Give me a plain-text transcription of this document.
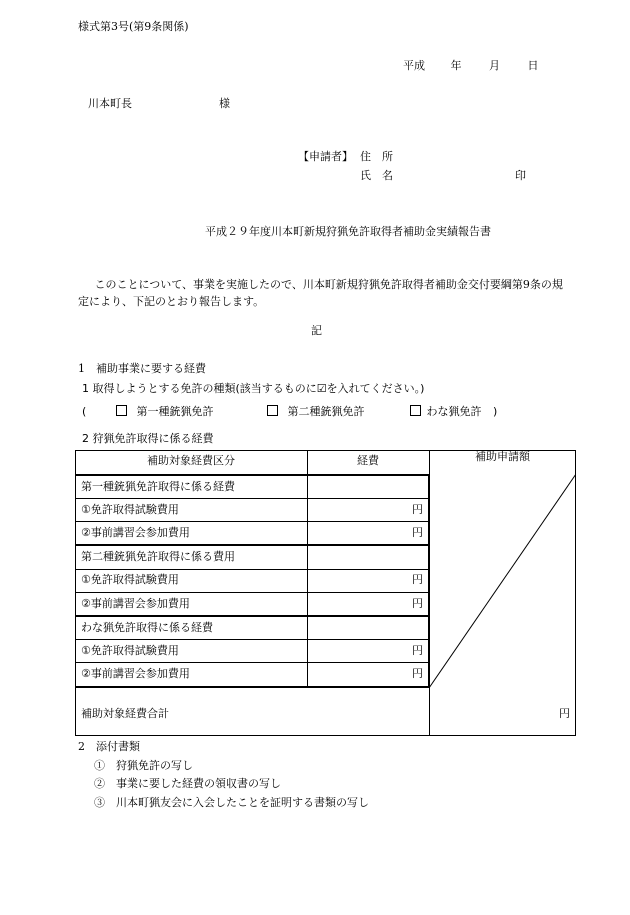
様式第3号(第9条関係)
平成 年	月	日
川本町長	様
【申請者】 住　所
氏　名	印
平成２９年度川本町新規狩猟免許取得者補助金実績報告書
このことについて、事業を実施したので、川本町新規狩猟免許取得者補助金交付要綱第9条の規定により、下記のとおり報告します。
記
1　補助事業に要する経費
1 取得しようとする免許の種類(該当するものに☑を入れてください。)
(	第一種銃猟免許	第二種銃猟免許	わな猟免許 )
2 狩猟免許取得に係る経費
補助対象経費区分	経費	補助申請額
第一種銃猟免許取得に係る経費
①免許取得試験費用	円
②事前講習会参加費用	円
第二種銃猟免許取得に係る費用
①免許取得試験費用	円
②事前講習会参加費用	円
わな猟免許取得に係る経費
①免許取得試験費用	円
②事前講習会参加費用	円
補助対象経費合計	円
2　添付書類
①　狩猟免許の写し
②　事業に要した経費の領収書の写し
③　川本町猟友会に入会したことを証明する書類の写し
